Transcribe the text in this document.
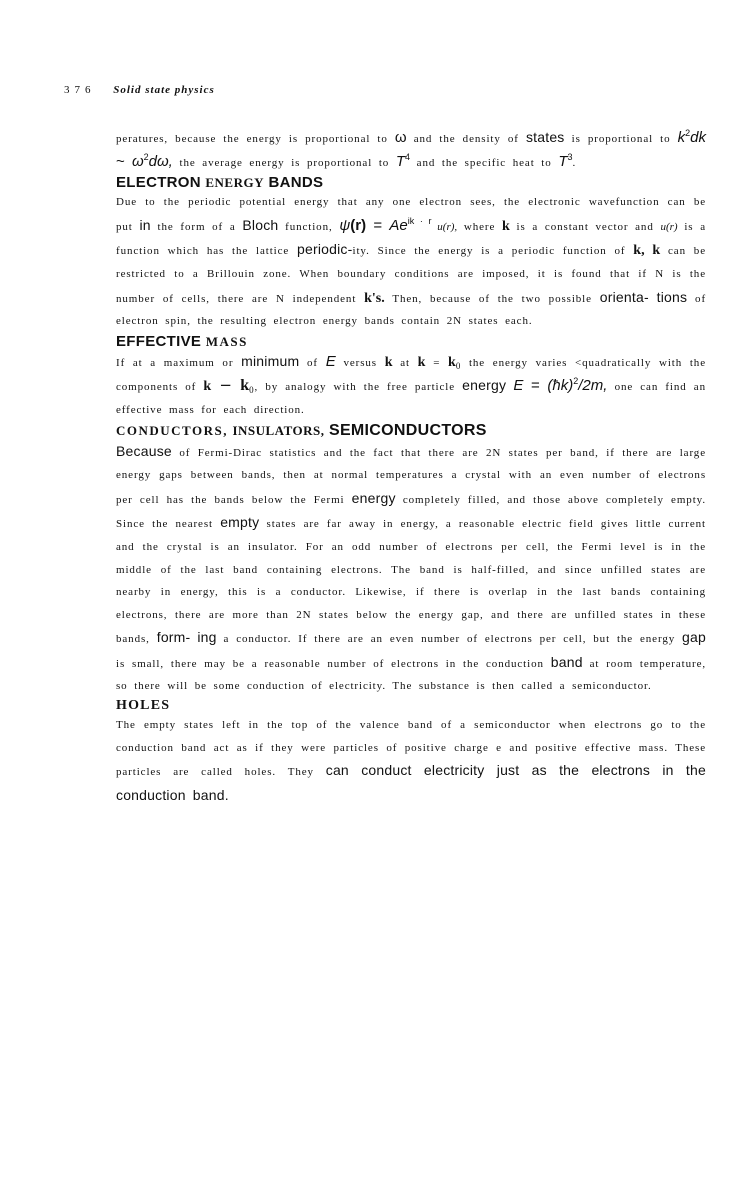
376 Solid state physics

peratures, because the energy is proportional to ω and the density of states is proportional to $k^2dk$ ~ $\omega^2d\omega$, the average energy is proportional to $T^4$ and the specific heat to $T^3$.

ELECTRON ENERGY BANDS

Due to the periodic potential energy that any one electron sees, the electronic wavefunction can be put in the form of a Bloch function, $\psi(r) = Ae^{ik \cdot r}$ u(r), where k is a constant vector and u(r) is a function which has the lattice periodic-ity. Since the energy is a periodic function of k, k can be restricted to a Brillouin zone. When boundary conditions are imposed, it is found that if N is the number of cells, there are N independent k's. Then, because of the two possible orienta- tions of electron spin, the resulting electron energy bands contain 2N states each.

EFFECTIVE MASS

If at a maximum or minimum of E versus k at $k = k_0$ the energy varies <quadratically with the components of $k - k_0$, by analogy with the free particle energy E = (ħk)$^2$/2m, one can find an effective mass for each direction.

CONDUCTORS, INSULATORS, SEMICONDUCTORS

Because of Fermi-Dirac statistics and the fact that there are 2N states per band, if there are large energy gaps between bands, then at normal temperatures a crystal with an even number of electrons per cell has the bands below the Fermi energy completely filled, and those above completely empty. Since the nearest empty states are far away in energy, a reasonable electric field gives little current and the crystal is an insulator. For an odd number of electrons per cell, the Fermi level is in the middle of the last band containing electrons. The band is half-filled, and since unfilled states are nearby in energy, this is a conductor. Likewise, if there is overlap in the last bands containing electrons, there are more than 2N states below the energy gap, and there are unfilled states in these bands, form- ing a conductor. If there are an even number of electrons per cell, but the energy gap is small, there may be a reasonable number of electrons in the conduction band at room temperature, so there will be some conduction of electricity. The substance is then called a semiconductor.

HOLES

The empty states left in the top of the valence band of a semiconductor when electrons go to the conduction band act as if they were particles of positive charge e and positive effective mass. These particles are called holes. They can conduct electricity just as the electrons in the conduction band.
